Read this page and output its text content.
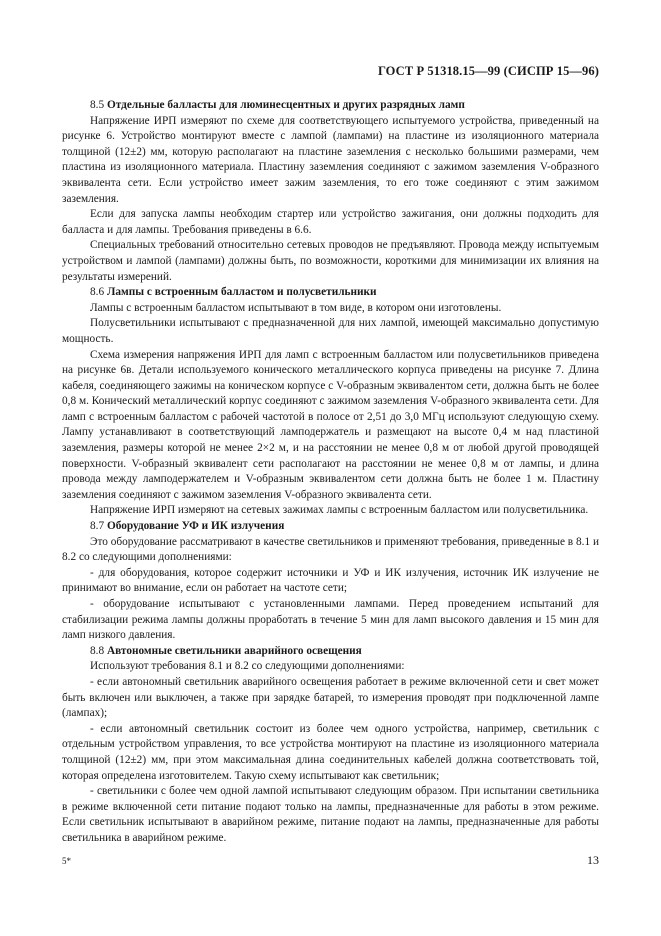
ГОСТ Р 51318.15—99 (СИСПР 15—96)

8.5 Отдельные балласты для люминесцентных и других разрядных ламп

Напряжение ИРП измеряют по схеме для соответствующего испытуемого устройства, приведенный на рисунке 6. Устройство монтируют вместе с лампой (лампами) на пластине из изоляционного материала толщиной (12±2) мм, которую располагают на пластине заземления с несколько большими размерами, чем пластина из изоляционного материала. Пластину заземления соединяют с зажимом заземления V-образного эквивалента сети. Если устройство имеет зажим заземления, то его тоже соединяют с этим зажимом заземления.

Если для запуска лампы необходим стартер или устройство зажигания, они должны подходить для балласта и для лампы. Требования приведены в 6.6.

Специальных требований относительно сетевых проводов не предъявляют. Провода между испытуемым устройством и лампой (лампами) должны быть, по возможности, короткими для минимизации их влияния на результаты измерений.

8.6 Лампы с встроенным балластом и полусветильники

Лампы с встроенным балластом испытывают в том виде, в котором они изготовлены.

Полусветильники испытывают с предназначенной для них лампой, имеющей максимально допустимую мощность.

Схема измерения напряжения ИРП для ламп с встроенным балластом или полусветильников приведена на рисунке 6в. Детали используемого конического металлического корпуса приведены на рисунке 7. Длина кабеля, соединяющего зажимы на коническом корпусе с V-образным эквивалентом сети, должна быть не более 0,8 м. Конический металлический корпус соединяют с зажимом заземления V-образного эквивалента сети. Для ламп с встроенным балластом с рабочей частотой в полосе от 2,51 до 3,0 МГц используют следующую схему. Лампу устанавливают в соответствующий ламподержатель и размещают на высоте 0,4 м над пластиной заземления, размеры которой не менее 2×2 м, и на расстоянии не менее 0,8 м от любой другой проводящей поверхности. V-образный эквивалент сети располагают на расстоянии не менее 0,8 м от лампы, и длина провода между ламподержателем и V-образным эквивалентом сети должна быть не более 1 м. Пластину заземления соединяют с зажимом заземления V-образного эквивалента сети.

Напряжение ИРП измеряют на сетевых зажимах лампы с встроенным балластом или полусветильника.

8.7 Оборудование УФ и ИК излучения

Это оборудование рассматривают в качестве светильников и применяют требования, приведенные в 8.1 и 8.2 со следующими дополнениями:

- для оборудования, которое содержит источники и УФ и ИК излучения, источник ИК излучение не принимают во внимание, если он работает на частоте сети;

- оборудование испытывают с установленными лампами. Перед проведением испытаний для стабилизации режима лампы должны проработать в течение 5 мин для ламп высокого давления и 15 мин для ламп низкого давления.

8.8 Автономные светильники аварийного освещения

Используют требования 8.1 и 8.2 со следующими дополнениями:

- если автономный светильник аварийного освещения работает в режиме включенной сети и свет может быть включен или выключен, а также при зарядке батарей, то измерения проводят при подключенной лампе (лампах);

- если автономный светильник состоит из более чем одного устройства, например, светильник с отдельным устройством управления, то все устройства монтируют на пластине из изоляционного материала толщиной (12±2) мм, при этом максимальная длина соединительных кабелей должна соответствовать той, которая определена изготовителем. Такую схему испытывают как светильник;

- светильники с более чем одной лампой испытывают следующим образом. При испытании светильника в режиме включенной сети питание подают только на лампы, предназначенные для работы в этом режиме. Если светильник испытывают в аварийном режиме, питание подают на лампы, предназначенные для работы светильника в аварийном режиме.

5*	13
